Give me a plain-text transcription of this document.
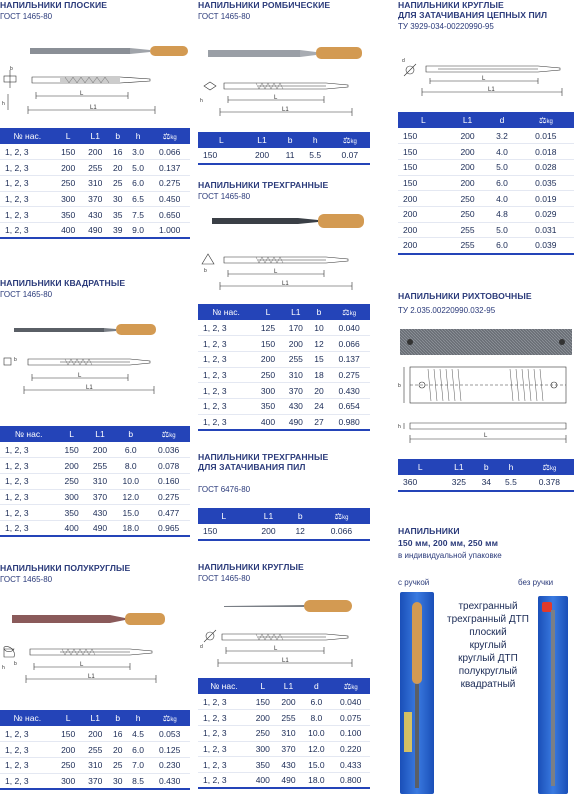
НАПИЛЬНИКИ ПЛОСКИЕ
ГОСТ 1465-80
L
L1
b
h
№ нас.	L	L1	b	h	⚖kg
1, 2, 3	150	200	16	3.0	0.066
1, 2, 3	200	255	20	5.0	0.137
1, 2, 3	250	310	25	6.0	0.275
1, 2, 3	300	370	30	6.5	0.450
1, 2, 3	350	430	35	7.5	0.650
1, 2, 3	400	490	39	9.0	1.000
НАПИЛЬНИКИ КВАДРАТНЫЕ
ГОСТ 1465-80
L
L1
b
№ нас.	L	L1	b	⚖kg
1, 2, 3	150	200	6.0	0.036
1, 2, 3	200	255	8.0	0.078
1, 2, 3	250	310	10.0	0.160
1, 2, 3	300	370	12.0	0.275
1, 2, 3	350	430	15.0	0.477
1, 2, 3	400	490	18.0	0.965
НАПИЛЬНИКИ ПОЛУКРУГЛЫЕ
ГОСТ 1465-80
L
L1
h
b
№ нас.	L	L1	b	h	⚖kg
1, 2, 3	150	200	16	4.5	0.053
1, 2, 3	200	255	20	6.0	0.125
1, 2, 3	250	310	25	7.0	0.230
1, 2, 3	300	370	30	8.5	0.430
НАПИЛЬНИКИ РОМБИЧЕСКИЕ
ГОСТ 1465-80
L
L1
h
L	L1	b	h	⚖kg
150	200	11	5.5	0.07
НАПИЛЬНИКИ ТРЕХГРАННЫЕ
ГОСТ 1465-80
L
L1
b
№ нас.	L	L1	b	⚖kg
1, 2, 3	125	170	10	0.040
1, 2, 3	150	200	12	0.066
1, 2, 3	200	255	15	0.137
1, 2, 3	250	310	18	0.275
1, 2, 3	300	370	20	0.430
1, 2, 3	350	430	24	0.654
1, 2, 3	400	490	27	0.980
НАПИЛЬНИКИ ТРЕХГРАННЫЕ
ДЛЯ ЗАТАЧИВАНИЯ ПИЛ
ГОСТ 6476-80
L	L1	b	⚖kg
150	200	12	0.066
НАПИЛЬНИКИ КРУГЛЫЕ
ГОСТ 1465-80
L
L1
d
№ нас.	L	L1	d	⚖kg
1, 2, 3	150	200	6.0	0.040
1, 2, 3	200	255	8.0	0.075
1, 2, 3	250	310	10.0	0.100
1, 2, 3	300	370	12.0	0.220
1, 2, 3	350	430	15.0	0.433
1, 2, 3	400	490	18.0	0.800
НАПИЛЬНИКИ КРУГЛЫЕ
ДЛЯ ЗАТАЧИВАНИЯ ЦЕПНЫХ ПИЛ
ТУ 3929-034-00220990-95
L
L1
d
L	L1	d	⚖kg
150	200	3.2	0.015
150	200	4.0	0.018
150	200	5.0	0.028
150	200	6.0	0.035
200	250	4.0	0.019
200	250	4.8	0.029
200	255	5.0	0.031
200	255	6.0	0.039
НАПИЛЬНИКИ РИХТОВОЧНЫЕ
ТУ 2.035.00220990.032-95
L
b
h
L	L1	b	h	⚖kg
360	325	34	5.5	0.378
НАПИЛЬНИКИ
150 мм, 200 мм, 250 мм
в индивидуальной упаковке
с ручкой	без ручки
трехгранный
трехгранный ДТП
плоский
круглый
круглый ДТП
полукруглый
квадратный
